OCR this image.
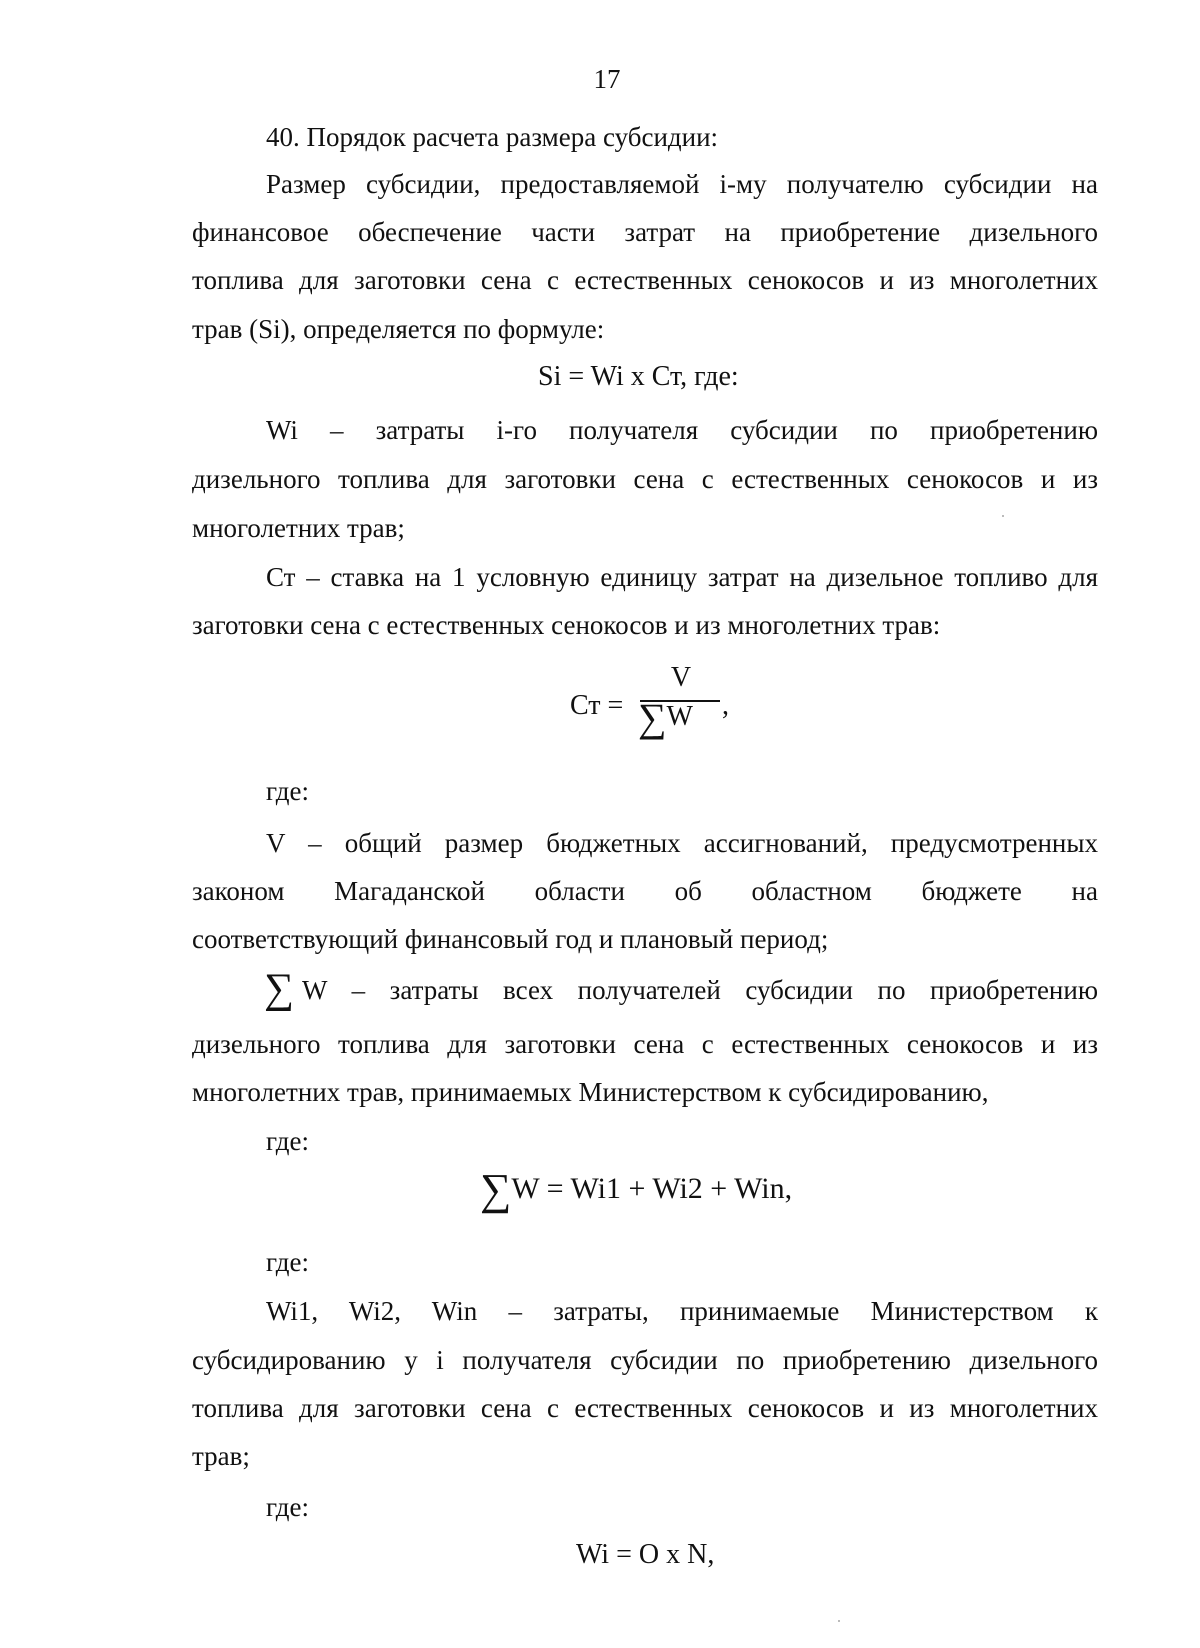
17
40. Порядок расчета размера субсидии:
Размер субсидии, предоставляемой i-му получателю субсидии на
финансовое обеспечение части затрат на приобретение дизельного
топлива для заготовки сена с естественных сенокосов и из многолетних
трав (Si), определяется по формуле:
Si = Wi x Ст, где:
Wi – затраты i-го получателя субсидии по приобретению
дизельного топлива для заготовки сена с естественных сенокосов и из
многолетних трав;
Ст – ставка на 1 условную единицу затрат на дизельное топливо для
заготовки сена с естественных сенокосов и из многолетних трав:
Ст =
V
∑W ,
где:
V – общий размер бюджетных ассигнований, предусмотренных
законом Магаданской области об областном бюджете на
соответствующий финансовый год и плановый период;
∑ W – затраты всех получателей субсидии по приобретению
дизельного топлива для заготовки сена с естественных сенокосов и из
многолетних трав, принимаемых Министерством к субсидированию,
где:
∑W = Wi1 + Wi2 + Win,
где:
Wi1, Wi2, Win – затраты, принимаемые Министерством к
субсидированию у i получателя субсидии по приобретению дизельного
топлива для заготовки сена с естественных сенокосов и из многолетних
трав;
где:
Wi = O x N,
